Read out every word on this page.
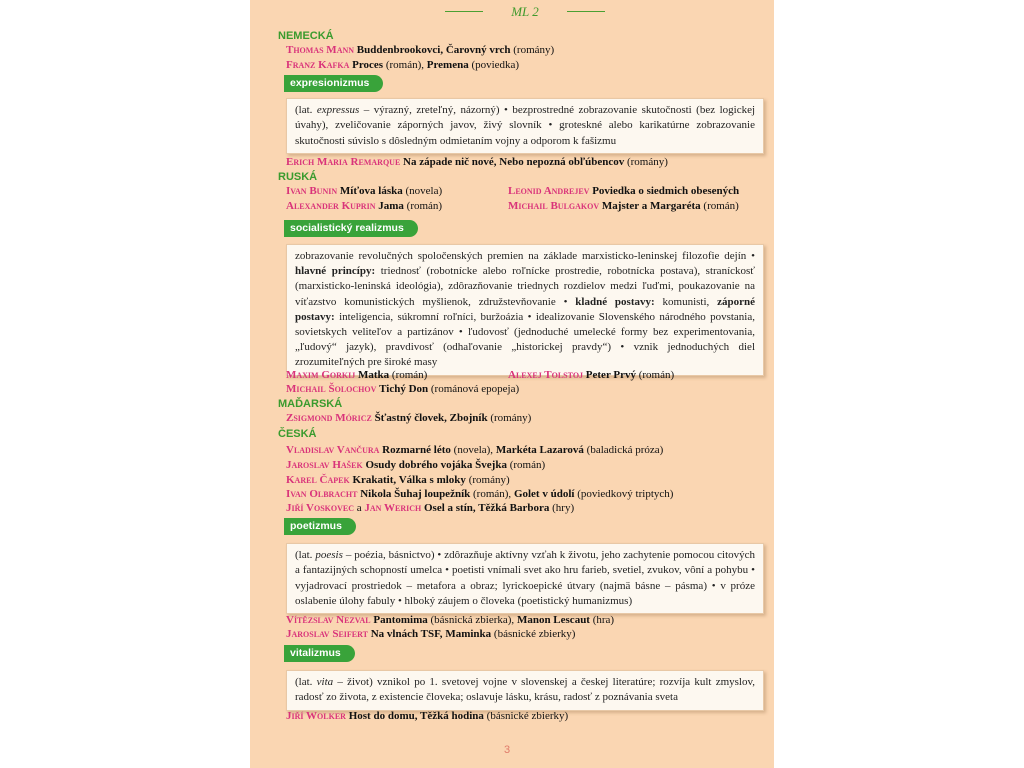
ML 2
NEMECKÁ
Thomas Mann Buddenbrookovci, Čarovný vrch (romány)
Franz Kafka Proces (román), Premena (poviedka)
expresionizmus
(lat. expressus – výrazný, zreteľný, názorný) • bezprostredné zobrazovanie skutočnosti (bez logickej úvahy), zveličovanie záporných javov, živý slovník • groteskné alebo karikatúrne zobrazovanie skutočnosti súvislo s dôsledným odmietaním vojny a odporom k fašizmu
Erich Maria Remarque Na západe nič nové, Nebo nepozná obľúbencov (romány)
RUSKÁ
Ivan Bunin Míťova láska (novela)
Alexander Kuprin Jama (román)
Leonid Andrejev Poviedka o siedmich obesených
Michail Bulgakov Majster a Margaréta (román)
socialistický realizmus
zobrazovanie revolučných spoločenských premien na základe marxisticko-leninskej filozofie dejín • hlavné princípy: triednosť (robotnícke alebo roľnícke prostredie, robotnícka postava), straníckosť (marxisticko-leninská ideológia), zdôrazňovanie triednych rozdielov medzi ľuďmi, poukazovanie na víťazstvo komunistických myšlienok, združstevňovanie • kladné postavy: komunisti, záporné postavy: inteligencia, súkromní roľníci, buržoázia • idealizovanie Slovenského národného povstania, sovietskych veliteľov a partizánov • ľudovosť (jednoduché umelecké formy bez experimentovania, „ľudový“ jazyk), pravdivosť (odhaľovanie „historickej pravdy“) • vznik jednoduchých diel zrozumiteľných pre široké masy
Maxim Gorkij Matka (román)
Michail Šolochov Tichý Don (románová epopeja)
Alexej Tolstoj Peter Prvý (román)
MAĎARSKÁ
Zsigmond Móricz Šťastný človek, Zbojník (romány)
ČESKÁ
Vladislav Vančura Rozmarné léto (novela), Markéta Lazarová (baladická próza)
Jaroslav Hašek Osudy dobrého vojáka Švejka (román)
Karel Čapek Krakatit, Válka s mloky (romány)
Ivan Olbracht Nikola Šuhaj loupežník (román), Golet v údolí (poviedkový triptych)
Jiří Voskovec a Jan Werich Osel a stín, Těžká Barbora (hry)
poetizmus
(lat. poesis – poézia, básnictvo) • zdôrazňuje aktívny vzťah k životu, jeho zachytenie pomocou citových a fantazijných schopností umelca • poetisti vnímali svet ako hru farieb, svetiel, zvukov, vôní a pohybu • vyjadrovací prostriedok – metafora a obraz; lyrickoepické útvary (najmä básne – pásma) • v próze oslabenie úlohy fabuly • hlboký záujem o človeka (poetistický humanizmus)
Vítězslav Nezval Pantomima (básnická zbierka), Manon Lescaut (hra)
Jaroslav Seifert Na vlnách TSF, Maminka (básnické zbierky)
vitalizmus
(lat. vita – život) vznikol po 1. svetovej vojne v slovenskej a českej literatúre; rozvíja kult zmyslov, radosť zo života, z existencie človeka; oslavuje lásku, krásu, radosť z poznávania sveta
Jiří Wolker Host do domu, Těžká hodina (básnické zbierky)
3
